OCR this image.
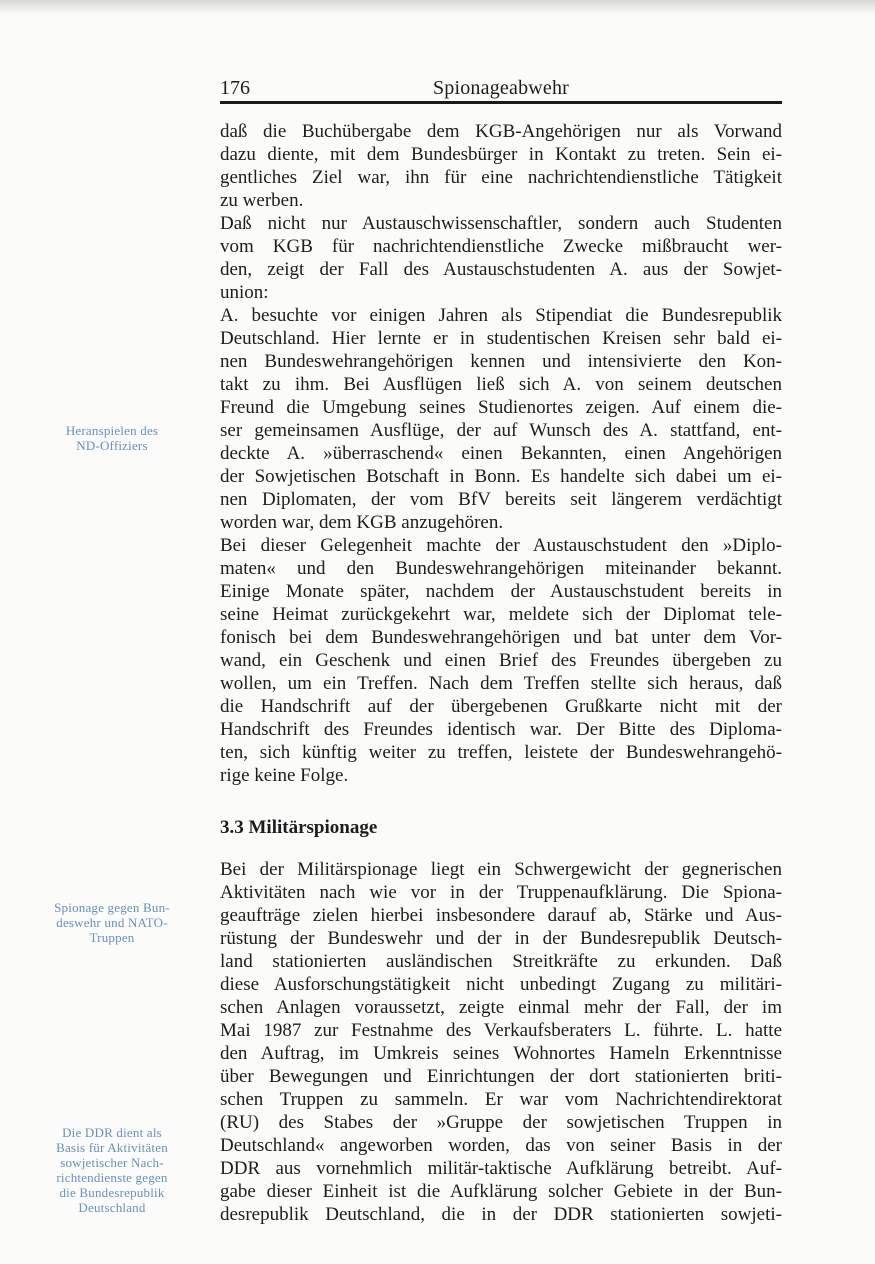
176	Spionageabwehr
daß die Buchübergabe dem KGB-Angehörigen nur als Vorwand
dazu diente, mit dem Bundesbürger in Kontakt zu treten. Sein ei-
gentliches Ziel war, ihn für eine nachrichtendienstliche Tätigkeit
zu werben.
Daß nicht nur Austauschwissenschaftler, sondern auch Studenten
vom KGB für nachrichtendienstliche Zwecke mißbraucht wer-
den, zeigt der Fall des Austauschstudenten A. aus der Sowjet-
union:
A. besuchte vor einigen Jahren als Stipendiat die Bundesrepublik
Deutschland. Hier lernte er in studentischen Kreisen sehr bald ei-
nen Bundeswehrangehörigen kennen und intensivierte den Kon-
takt zu ihm. Bei Ausflügen ließ sich A. von seinem deutschen
Freund die Umgebung seines Studienortes zeigen. Auf einem die-
ser gemeinsamen Ausflüge, der auf Wunsch des A. stattfand, ent-
deckte A. »überraschend« einen Bekannten, einen Angehörigen
der Sowjetischen Botschaft in Bonn. Es handelte sich dabei um ei-
nen Diplomaten, der vom BfV bereits seit längerem verdächtigt
worden war, dem KGB anzugehören.
Bei dieser Gelegenheit machte der Austauschstudent den »Diplo-
maten« und den Bundeswehrangehörigen miteinander bekannt.
Einige Monate später, nachdem der Austauschstudent bereits in
seine Heimat zurückgekehrt war, meldete sich der Diplomat tele-
fonisch bei dem Bundeswehrangehörigen und bat unter dem Vor-
wand, ein Geschenk und einen Brief des Freundes übergeben zu
wollen, um ein Treffen. Nach dem Treffen stellte sich heraus, daß
die Handschrift auf der übergebenen Grußkarte nicht mit der
Handschrift des Freundes identisch war. Der Bitte des Diploma-
ten, sich künftig weiter zu treffen, leistete der Bundeswehrangehö-
rige keine Folge.
3.3 Militärspionage
Bei der Militärspionage liegt ein Schwergewicht der gegnerischen
Aktivitäten nach wie vor in der Truppenaufklärung. Die Spiona-
geaufträge zielen hierbei insbesondere darauf ab, Stärke und Aus-
rüstung der Bundeswehr und der in der Bundesrepublik Deutsch-
land stationierten ausländischen Streitkräfte zu erkunden. Daß
diese Ausforschungstätigkeit nicht unbedingt Zugang zu militäri-
schen Anlagen voraussetzt, zeigte einmal mehr der Fall, der im
Mai 1987 zur Festnahme des Verkaufsberaters L. führte. L. hatte
den Auftrag, im Umkreis seines Wohnortes Hameln Erkenntnisse
über Bewegungen und Einrichtungen der dort stationierten briti-
schen Truppen zu sammeln. Er war vom Nachrichtendirektorat
(RU) des Stabes der »Gruppe der sowjetischen Truppen in
Deutschland« angeworben worden, das von seiner Basis in der
DDR aus vornehmlich militär-taktische Aufklärung betreibt. Auf-
gabe dieser Einheit ist die Aufklärung solcher Gebiete in der Bun-
desrepublik Deutschland, die in der DDR stationierten sowjeti-
Heranspielen des
ND-Offiziers
Spionage gegen Bun-
deswehr und NATO-
Truppen
Die DDR dient als
Basis für Aktivitäten
sowjetischer Nach-
richtendienste gegen
die Bundesrepublik
Deutschland
